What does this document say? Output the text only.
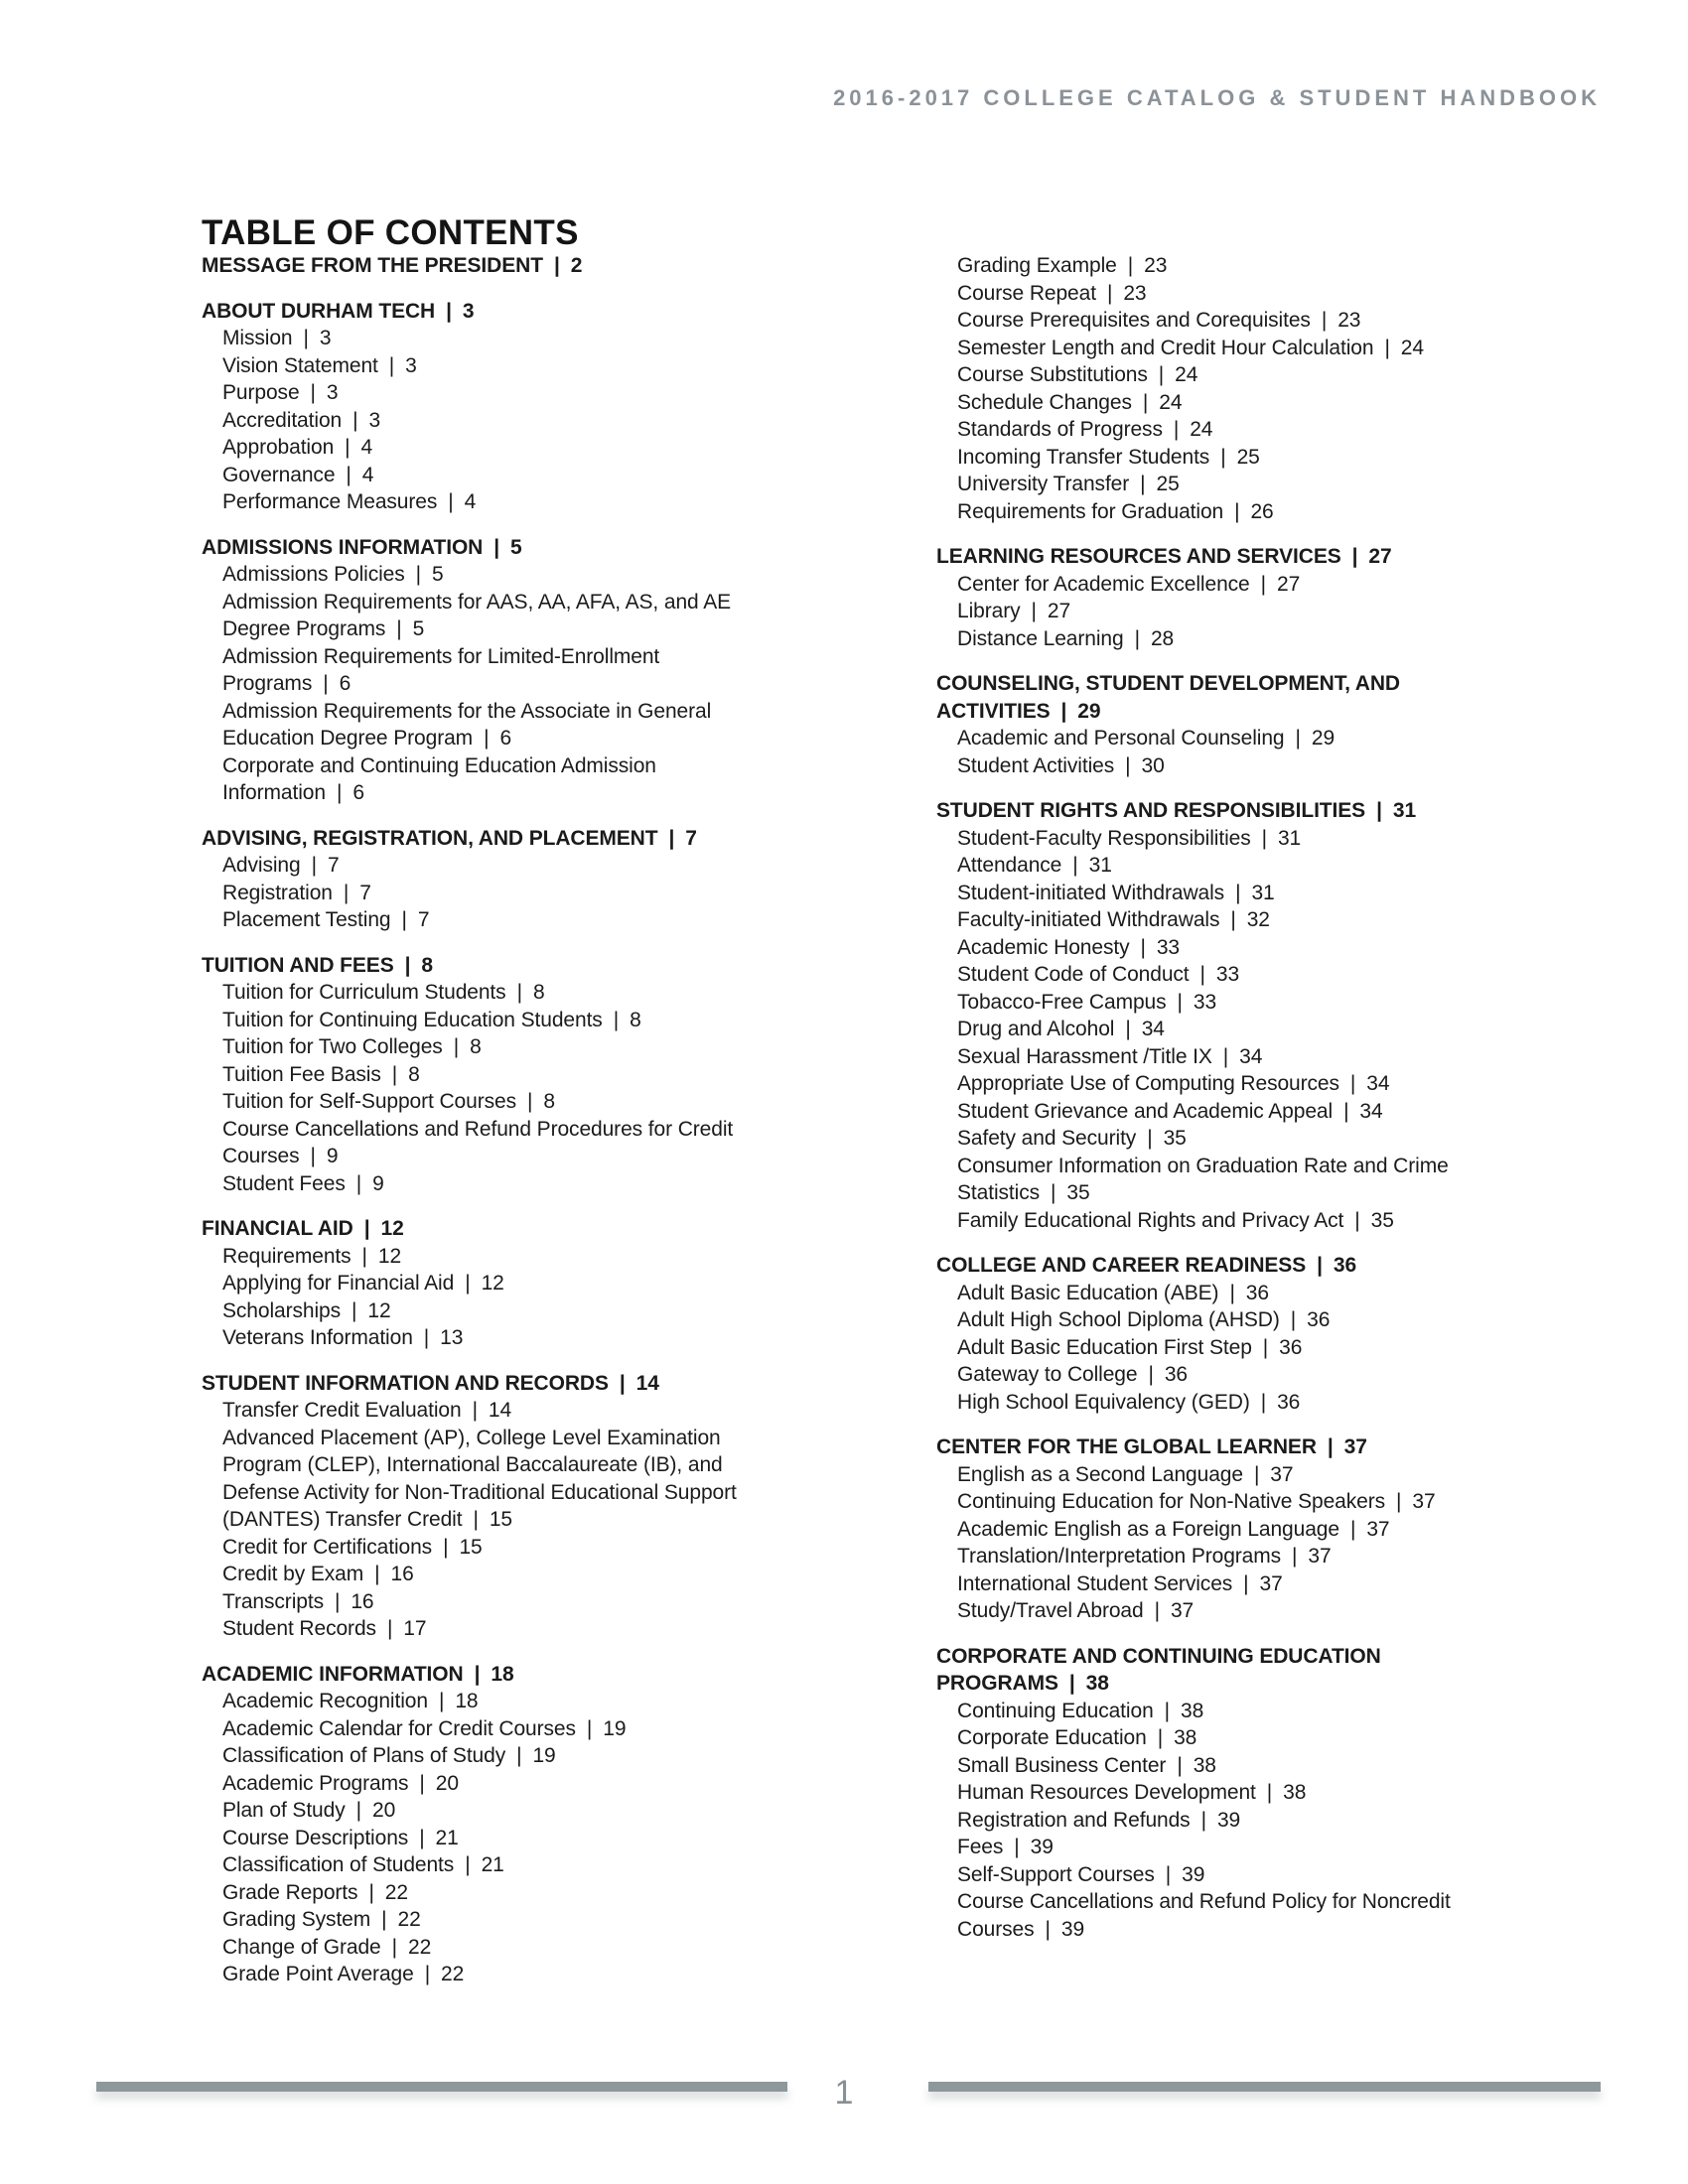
2016-2017 COLLEGE CATALOG & STUDENT HANDBOOK
TABLE OF CONTENTS
MESSAGE FROM THE PRESIDENT | 2
ABOUT DURHAM TECH | 3
Mission | 3
Vision Statement | 3
Purpose | 3
Accreditation | 3
Approbation | 4
Governance | 4
Performance Measures | 4
ADMISSIONS INFORMATION | 5
Admissions Policies | 5
Admission Requirements for AAS, AA, AFA, AS, and AE Degree Programs | 5
Admission Requirements for Limited-Enrollment Programs | 6
Admission Requirements for the Associate in General Education Degree Program | 6
Corporate and Continuing Education Admission Information | 6
ADVISING, REGISTRATION, AND PLACEMENT | 7
Advising | 7
Registration | 7
Placement Testing | 7
TUITION AND FEES | 8
Tuition for Curriculum Students | 8
Tuition for Continuing Education Students | 8
Tuition for Two Colleges | 8
Tuition Fee Basis | 8
Tuition for Self-Support Courses | 8
Course Cancellations and Refund Procedures for Credit Courses | 9
Student Fees | 9
FINANCIAL AID | 12
Requirements | 12
Applying for Financial Aid | 12
Scholarships | 12
Veterans Information | 13
STUDENT INFORMATION AND RECORDS | 14
Transfer Credit Evaluation | 14
Advanced Placement (AP), College Level Examination Program (CLEP), International Baccalaureate (IB), and Defense Activity for Non-Traditional Educational Support (DANTES) Transfer Credit | 15
Credit for Certifications | 15
Credit by Exam | 16
Transcripts | 16
Student Records | 17
ACADEMIC INFORMATION | 18
Academic Recognition | 18
Academic Calendar for Credit Courses | 19
Classification of Plans of Study | 19
Academic Programs | 20
Plan of Study | 20
Course Descriptions | 21
Classification of Students | 21
Grade Reports | 22
Grading System | 22
Change of Grade | 22
Grade Point Average | 22
Grading Example | 23
Course Repeat | 23
Course Prerequisites and Corequisites | 23
Semester Length and Credit Hour Calculation | 24
Course Substitutions | 24
Schedule Changes | 24
Standards of Progress | 24
Incoming Transfer Students | 25
University Transfer | 25
Requirements for Graduation | 26
LEARNING RESOURCES AND SERVICES | 27
Center for Academic Excellence | 27
Library | 27
Distance Learning | 28
COUNSELING, STUDENT DEVELOPMENT, AND ACTIVITIES | 29
Academic and Personal Counseling | 29
Student Activities | 30
STUDENT RIGHTS AND RESPONSIBILITIES | 31
Student-Faculty Responsibilities | 31
Attendance | 31
Student-initiated Withdrawals | 31
Faculty-initiated Withdrawals | 32
Academic Honesty | 33
Student Code of Conduct | 33
Tobacco-Free Campus | 33
Drug and Alcohol | 34
Sexual Harassment /Title IX | 34
Appropriate Use of Computing Resources | 34
Student Grievance and Academic Appeal | 34
Safety and Security | 35
Consumer Information on Graduation Rate and Crime Statistics | 35
Family Educational Rights and Privacy Act | 35
COLLEGE AND CAREER READINESS | 36
Adult Basic Education (ABE) | 36
Adult High School Diploma (AHSD) | 36
Adult Basic Education First Step | 36
Gateway to College | 36
High School Equivalency (GED) | 36
CENTER FOR THE GLOBAL LEARNER | 37
English as a Second Language | 37
Continuing Education for Non-Native Speakers | 37
Academic English as a Foreign Language | 37
Translation/Interpretation Programs | 37
International Student Services | 37
Study/Travel Abroad | 37
CORPORATE AND CONTINUING EDUCATION PROGRAMS | 38
Continuing Education | 38
Corporate Education | 38
Small Business Center | 38
Human Resources Development | 38
Registration and Refunds | 39
Fees | 39
Self-Support Courses | 39
Course Cancellations and Refund Policy for Noncredit Courses | 39
1
